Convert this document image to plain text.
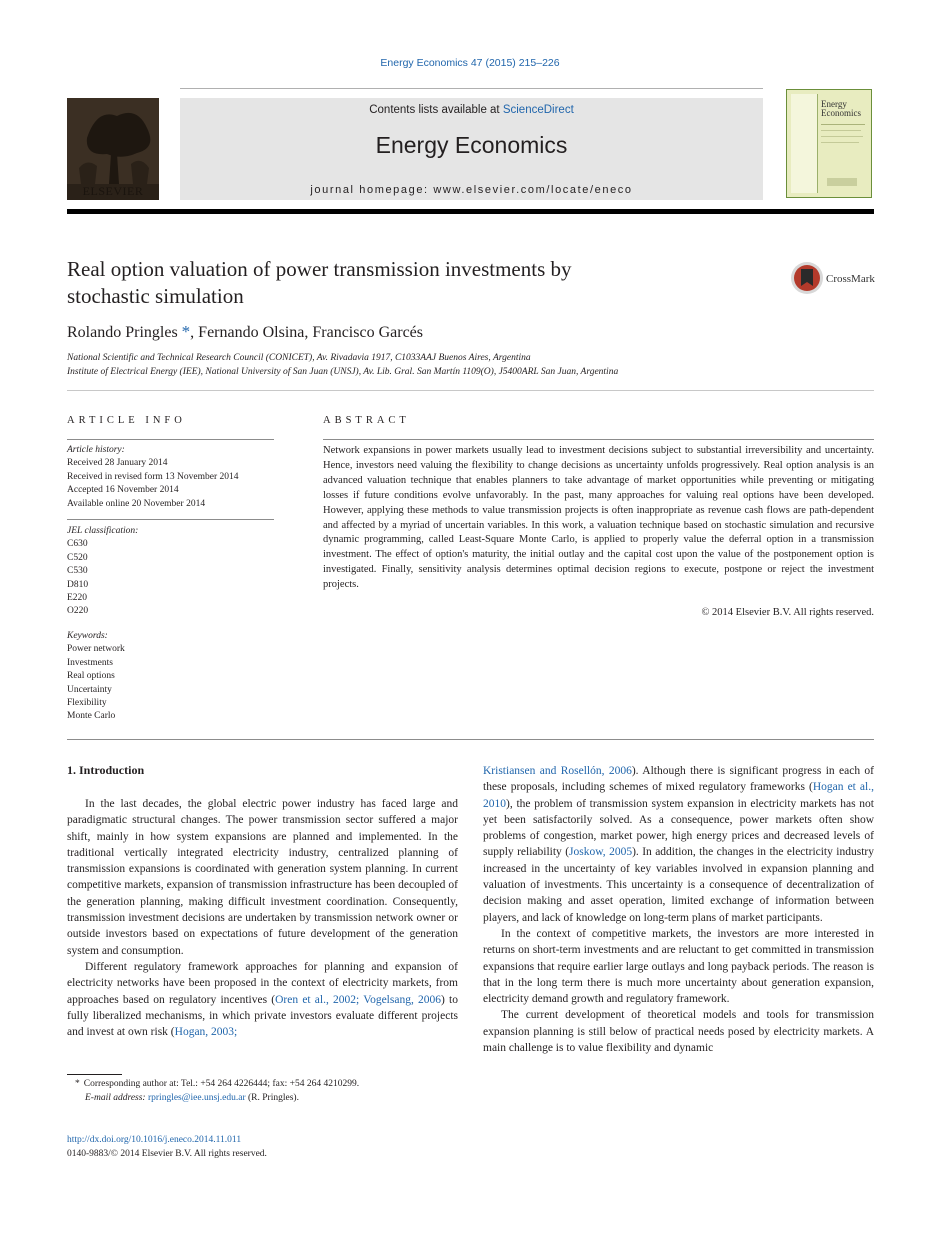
Energy Economics 47 (2015) 215–226
ELSEVIER
Contents lists available at ScienceDirect
Energy Economics
journal homepage: www.elsevier.com/locate/eneco
Energy
Economics
Real option valuation of power transmission investments by
stochastic simulation
CrossMark
Rolando Pringles *, Fernando Olsina, Francisco Garcés
National Scientific and Technical Research Council (CONICET), Av. Rivadavia 1917, C1033AAJ Buenos Aires, Argentina
Institute of Electrical Energy (IEE), National University of San Juan (UNSJ), Av. Lib. Gral. San Martín 1109(O), J5400ARL San Juan, Argentina
ARTICLE INFO	ABSTRACT
Article history:
Received 28 January 2014
Received in revised form 13 November 2014
Accepted 16 November 2014
Available online 20 November 2014
JEL classification:
C630
C520
C530
D810
E220
O220
Keywords:
Power network
Investments
Real options
Uncertainty
Flexibility
Monte Carlo
Network expansions in power markets usually lead to investment decisions subject to substantial irreversibility and uncertainty. Hence, investors need valuing the flexibility to change decisions as uncertainty unfolds progressively. Real option analysis is an advanced valuation technique that enables planners to take advantage of market opportunities while preventing or mitigating losses if future conditions evolve unfavorably. In the past, many approaches for valuing real options have been developed. However, applying these methods to value transmission projects is often inappropriate as revenue cash flows are path-dependent and affected by a myriad of uncertain variables. In this work, a valuation technique based on stochastic simulation and recursive dynamic programming, called Least-Square Monte Carlo, is applied to properly value the deferral option in a transmission investment. The effect of option's maturity, the initial outlay and the capital cost upon the value of the postponement option is investigated. Finally, sensitivity analysis determines optimal decision regions to execute, postpone or reject the investment projects.
© 2014 Elsevier B.V. All rights reserved.
1. Introduction

In the last decades, the global electric power industry has faced large and paradigmatic structural changes. The power transmission sector suffered a major shift, mainly in how system expansions are planned and implemented. In the traditional vertically integrated electricity industry, centralized planning of transmission expansions is coordinated with generation system planning. In current competitive markets, expansion of transmission infrastructure has been decoupled of the generation planning, making difficult investment coordination. Consequently, transmission investment decisions are undertaken by transmission network owner or outside investors based on expectations of future development of the generation system and consumption.

Different regulatory framework approaches for planning and expansion of electricity networks have been proposed in the context of electricity markets, from approaches based on regulatory incentives (Oren et al., 2002; Vogelsang, 2006) to fully liberalized mechanisms, in which private investors evaluate different projects and invest at own risk (Hogan, 2003;

Kristiansen and Rosellón, 2006). Although there is significant progress in each of these proposals, including schemes of mixed regulatory frameworks (Hogan et al., 2010), the problem of transmission system expansion in electricity markets has not yet been satisfactorily solved. As a consequence, power markets often show problems of congestion, market power, high energy prices and decreased levels of supply reliability (Joskow, 2005). In addition, the changes in the electricity industry increased in the uncertainty of key variables involved in expansion planning and valuation of investments. This uncertainty is a consequence of decentralization of decision making and asset operation, limited exchange of information between players, and lack of knowledge on long-term plans of market participants.

In the context of competitive markets, the investors are more interested in returns on short-term investments and are reluctant to get committed in transmission expansions that require earlier large outlays and long payback periods. The reason is that in the long term there is much more uncertainty about generation expansion, electricity demand growth and regulatory framework.

The current development of theoretical models and tools for transmission expansion planning is still below of practical needs posed by electricity markets. A main challenge is to value flexibility and dynamic

* Corresponding author at: Tel.: +54 264 4226444; fax: +54 264 4210299.
E-mail address: rpringles@iee.unsj.edu.ar (R. Pringles).
http://dx.doi.org/10.1016/j.eneco.2014.11.011
0140-9883/© 2014 Elsevier B.V. All rights reserved.
